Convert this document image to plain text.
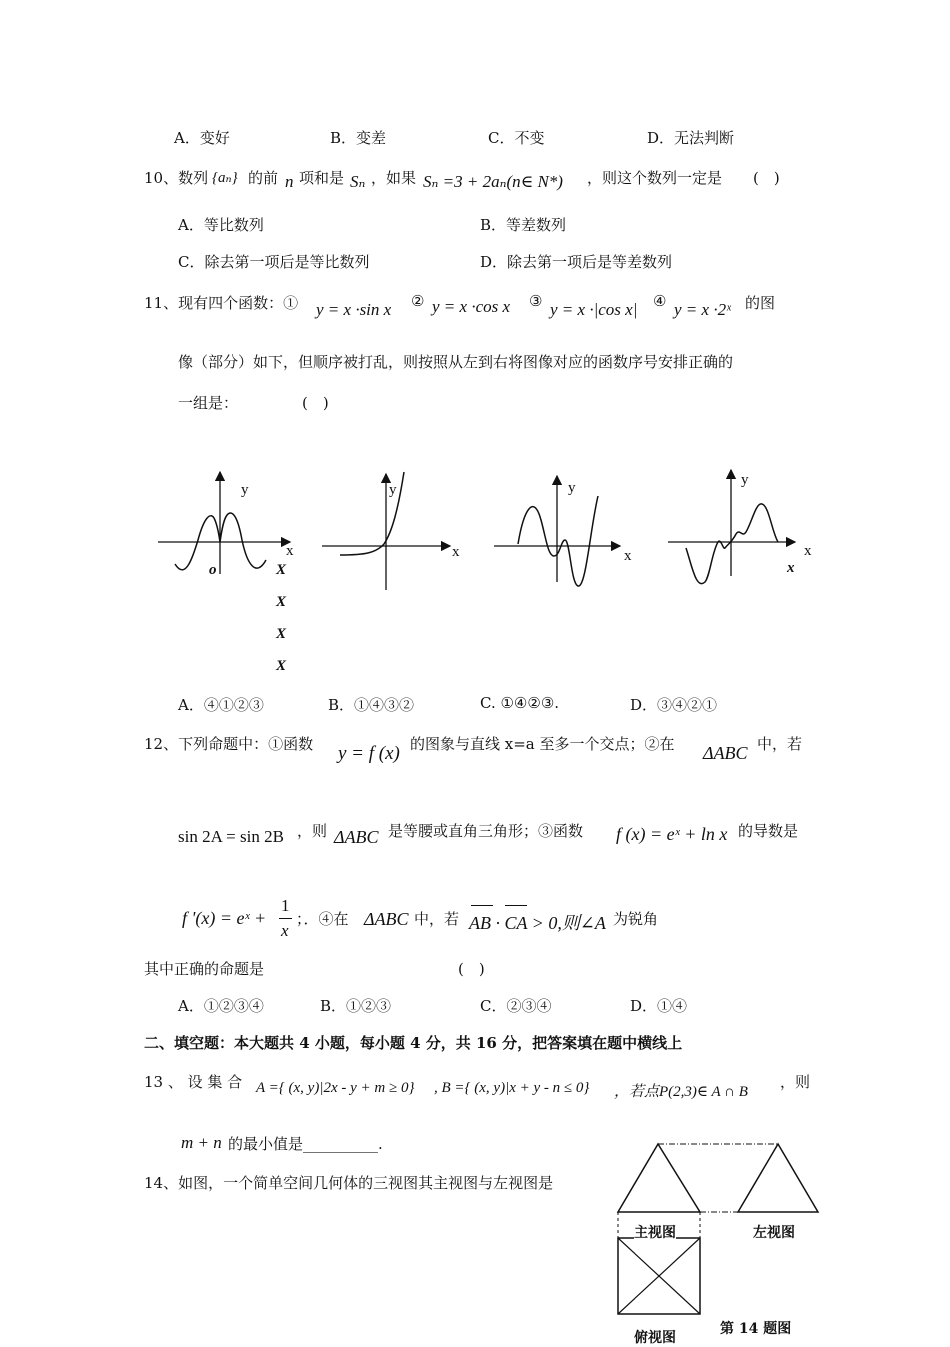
A．变好	B．变差	C．不变	D．无法判断
10、数列 {aₙ} 的前 n 项和是 Sₙ ，如果 Sₙ =3 + 2aₙ(n∈ N*) ，则这个数列一定是 (　)
A．等比数列	B．等差数列
C．除去第一项后是等比数列	D．除去第一项后是等差数列
11、现有四个函数：① y = x ·sin x ② y = x ·cos x ③ y = x ·|cos x| ④ y = x ·2ˣ 的图
像（部分）如下，但顺序被打乱，则按照从左到右将图像对应的函数序号安排正确的
一组是：	(　)
y
x
o	X
X
X
X
y
x
y
x
y
x
x
A．④①②③	B．①④③②	C. ①④②③.	D．③④②①
12、下列命题中：①函数 y = f (x) 的图象与直线 x=a 至多一个交点；②在 ΔABC 中，若
sin 2A = sin 2B ，则 ΔABC 是等腰或直角三角形；③函数 f (x) = eˣ + ln x 的导数是
f '(x) = eˣ +
1
x
；．④在 ΔABC 中，若 AB · CA > 0,则∠A 为锐角
其中正确的命题是	(　)
A．①②③④	B．①②③	C．②③④	D．①④
二、填空题：本大题共 4 小题，每小题 4 分，共 16 分，把答案填在题中横线上
13 、 设 集 合 A ={ (x, y)|2x - y + m ≥ 0} , B ={ (x, y)|x + y - n ≤ 0} ，若点P(2,3)∈ A ∩ B
，则
m + n 的最小值是__________.
14、如图，一个简单空间几何体的三视图其主视图与左视图是
主视图	左视图
俯视图
第 14 题图
